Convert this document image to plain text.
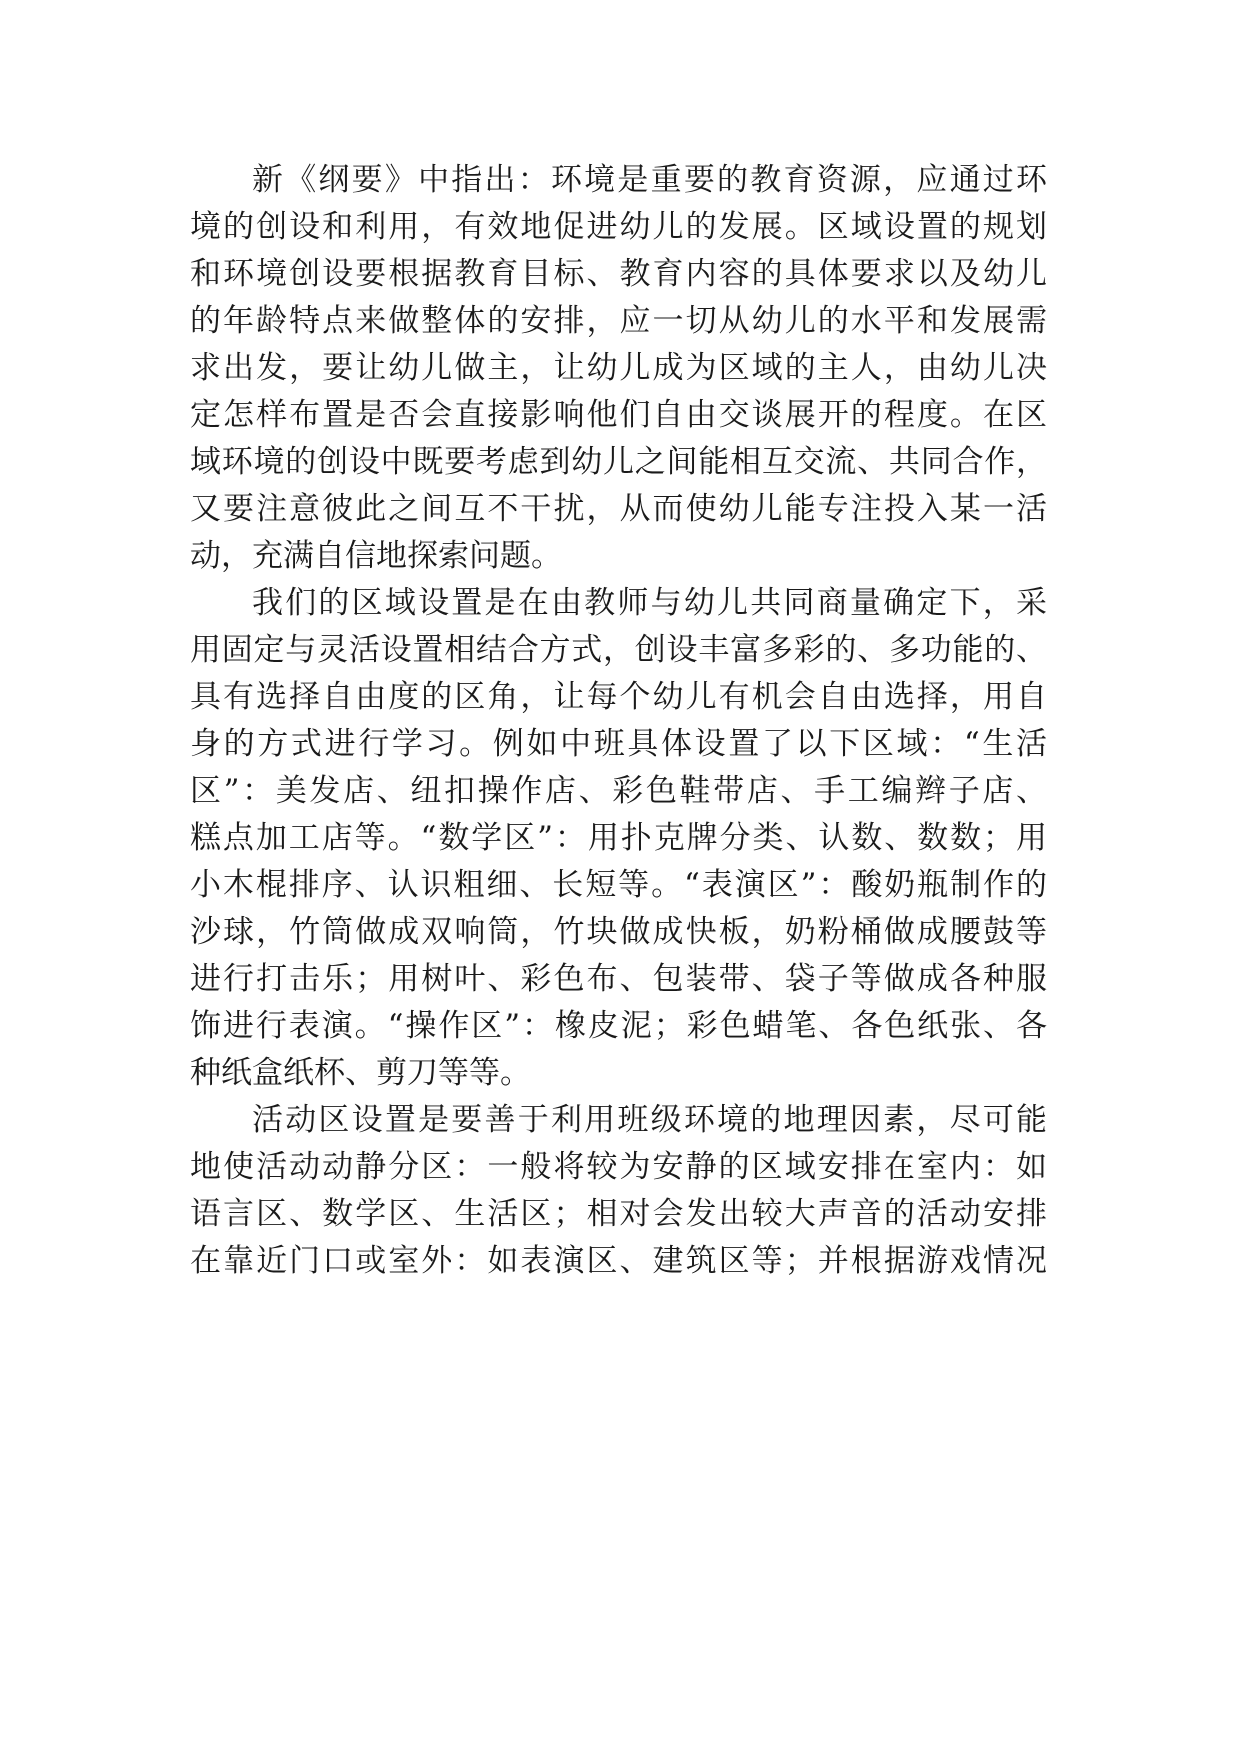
新《纲要》中指出：环境是重要的教育资源，应通过环
境的创设和利用，有效地促进幼儿的发展。区域设置的规划
和环境创设要根据教育目标、教育内容的具体要求以及幼儿
的年龄特点来做整体的安排，应一切从幼儿的水平和发展需
求出发，要让幼儿做主，让幼儿成为区域的主人，由幼儿决
定怎样布置是否会直接影响他们自由交谈展开的程度。在区
域环境的创设中既要考虑到幼儿之间能相互交流、共同合作，
又要注意彼此之间互不干扰，从而使幼儿能专注投入某一活
动，充满自信地探索问题。

我们的区域设置是在由教师与幼儿共同商量确定下，采
用固定与灵活设置相结合方式，创设丰富多彩的、多功能的、
具有选择自由度的区角，让每个幼儿有机会自由选择，用自
身的方式进行学习。例如中班具体设置了以下区域：“生活
区”：美发店、纽扣操作店、彩色鞋带店、手工编辫子店、
糕点加工店等。“数学区”：用扑克牌分类、认数、数数；用
小木棍排序、认识粗细、长短等。“表演区”：酸奶瓶制作的
沙球，竹筒做成双响筒，竹块做成快板，奶粉桶做成腰鼓等
进行打击乐；用树叶、彩色布、包装带、袋子等做成各种服
饰进行表演。“操作区”：橡皮泥；彩色蜡笔、各色纸张、各
种纸盒纸杯、剪刀等等。

活动区设置是要善于利用班级环境的地理因素，尽可能
地使活动动静分区：一般将较为安静的区域安排在室内：如
语言区、数学区、生活区；相对会发出较大声音的活动安排
在靠近门口或室外：如表演区、建筑区等；并根据游戏情况
